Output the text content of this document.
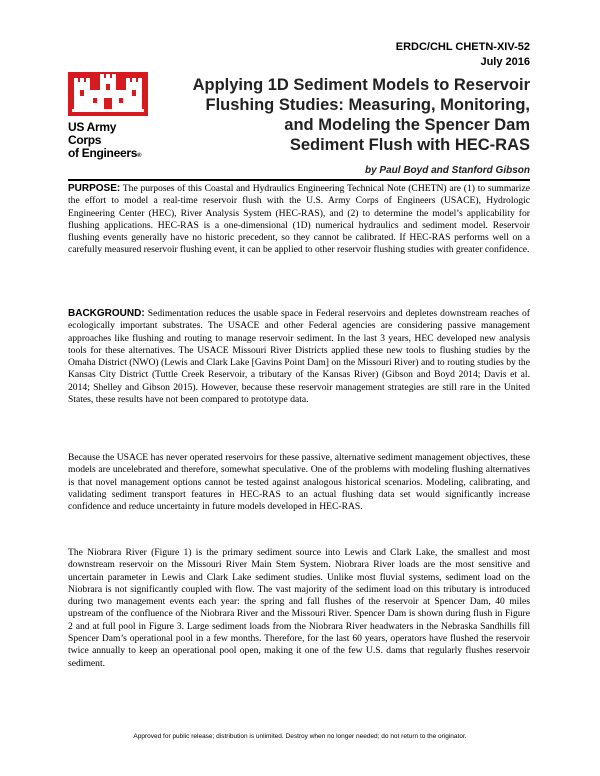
ERDC/CHL CHETN-XIV-52
July 2016
US Army Corps
of Engineers®
Applying 1D Sediment Models to Reservoir
Flushing Studies: Measuring, Monitoring,
and Modeling the Spencer Dam
Sediment Flush with HEC-RAS
by Paul Boyd and Stanford Gibson
PURPOSE: The purposes of this Coastal and Hydraulics Engineering Technical Note (CHETN) are (1) to summarize the effort to model a real-time reservoir flush with the U.S. Army Corps of Engineers (USACE), Hydrologic Engineering Center (HEC), River Analysis System (HEC-RAS), and (2) to determine the model’s applicability for flushing applications. HEC-RAS is a one-dimensional (1D) numerical hydraulics and sediment model. Reservoir flushing events generally have no historic precedent, so they cannot be calibrated. If HEC-RAS performs well on a carefully measured reservoir flushing event, it can be applied to other reservoir flushing studies with greater confidence.
BACKGROUND: Sedimentation reduces the usable space in Federal reservoirs and depletes downstream reaches of ecologically important substrates. The USACE and other Federal agencies are considering passive management approaches like flushing and routing to manage reservoir sediment. In the last 3 years, HEC developed new analysis tools for these alternatives. The USACE Missouri River Districts applied these new tools to flushing studies by the Omaha District (NWO) (Lewis and Clark Lake [Gavins Point Dam] on the Missouri River) and to routing studies by the Kansas City District (Tuttle Creek Reservoir, a tributary of the Kansas River) (Gibson and Boyd 2014; Davis et al. 2014; Shelley and Gibson 2015). However, because these reservoir management strategies are still rare in the United States, these results have not been compared to prototype data.
Because the USACE has never operated reservoirs for these passive, alternative sediment management objectives, these models are uncelebrated and therefore, somewhat speculative. One of the problems with modeling flushing alternatives is that novel management options cannot be tested against analogous historical scenarios. Modeling, calibrating, and validating sediment transport features in HEC-RAS to an actual flushing data set would significantly increase confidence and reduce uncertainty in future models developed in HEC-RAS.
The Niobrara River (Figure 1) is the primary sediment source into Lewis and Clark Lake, the smallest and most downstream reservoir on the Missouri River Main Stem System. Niobrara River loads are the most sensitive and uncertain parameter in Lewis and Clark Lake sediment studies. Unlike most fluvial systems, sediment load on the Niobrara is not significantly coupled with flow. The vast majority of the sediment load on this tributary is introduced during two management events each year: the spring and fall flushes of the reservoir at Spencer Dam, 40 miles upstream of the confluence of the Niobrara River and the Missouri River. Spencer Dam is shown during flush in Figure 2 and at full pool in Figure 3. Large sediment loads from the Niobrara River headwaters in the Nebraska Sandhills fill Spencer Dam’s operational pool in a few months. Therefore, for the last 60 years, operators have flushed the reservoir twice annually to keep an operational pool open, making it one of the few U.S. dams that regularly flushes reservoir sediment.
Approved for public release; distribution is unlimited. Destroy when no longer needed; do not return to the originator.
